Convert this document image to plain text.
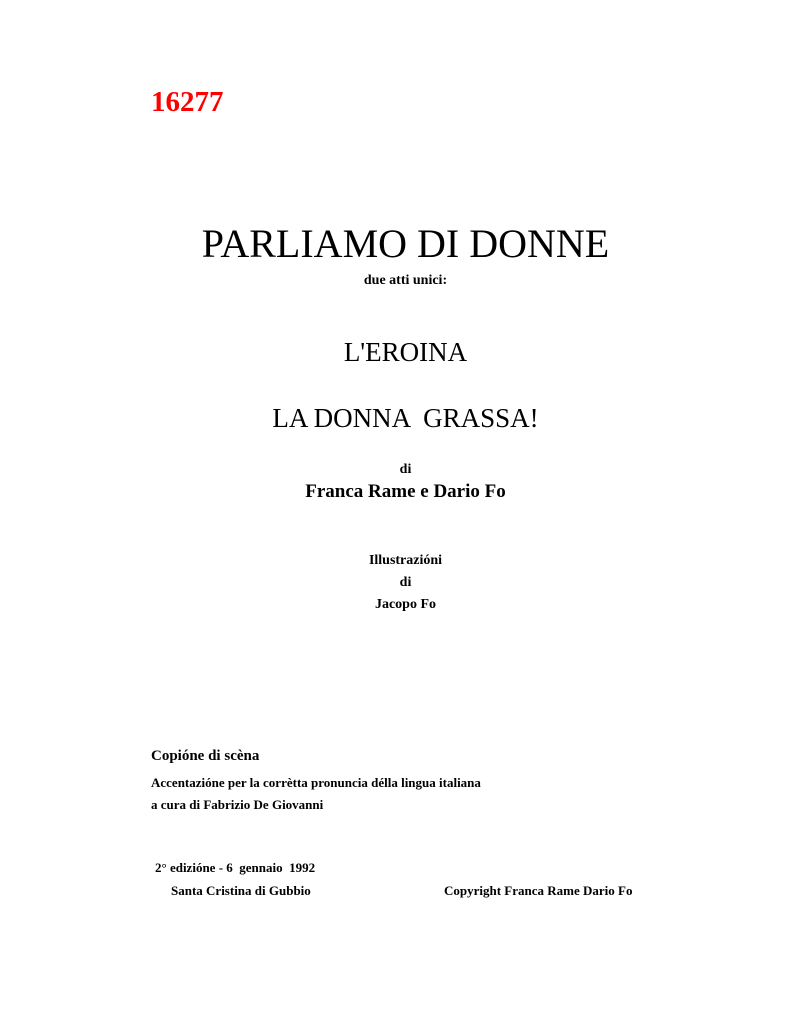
16277
PARLIAMO DI DONNE
due atti unici:
L'EROINA
LA DONNA  GRASSA!
di
Franca Rame e Dario Fo
Illustrazióni
di
Jacopo Fo
Copióne di scèna
Accentazióne per la corrètta pronuncia délla lingua italiana
a cura di Fabrizio De Giovanni
2° edizióne - 6  gennaio  1992
Santa Cristina di Gubbio	Copyright Franca Rame Dario Fo
